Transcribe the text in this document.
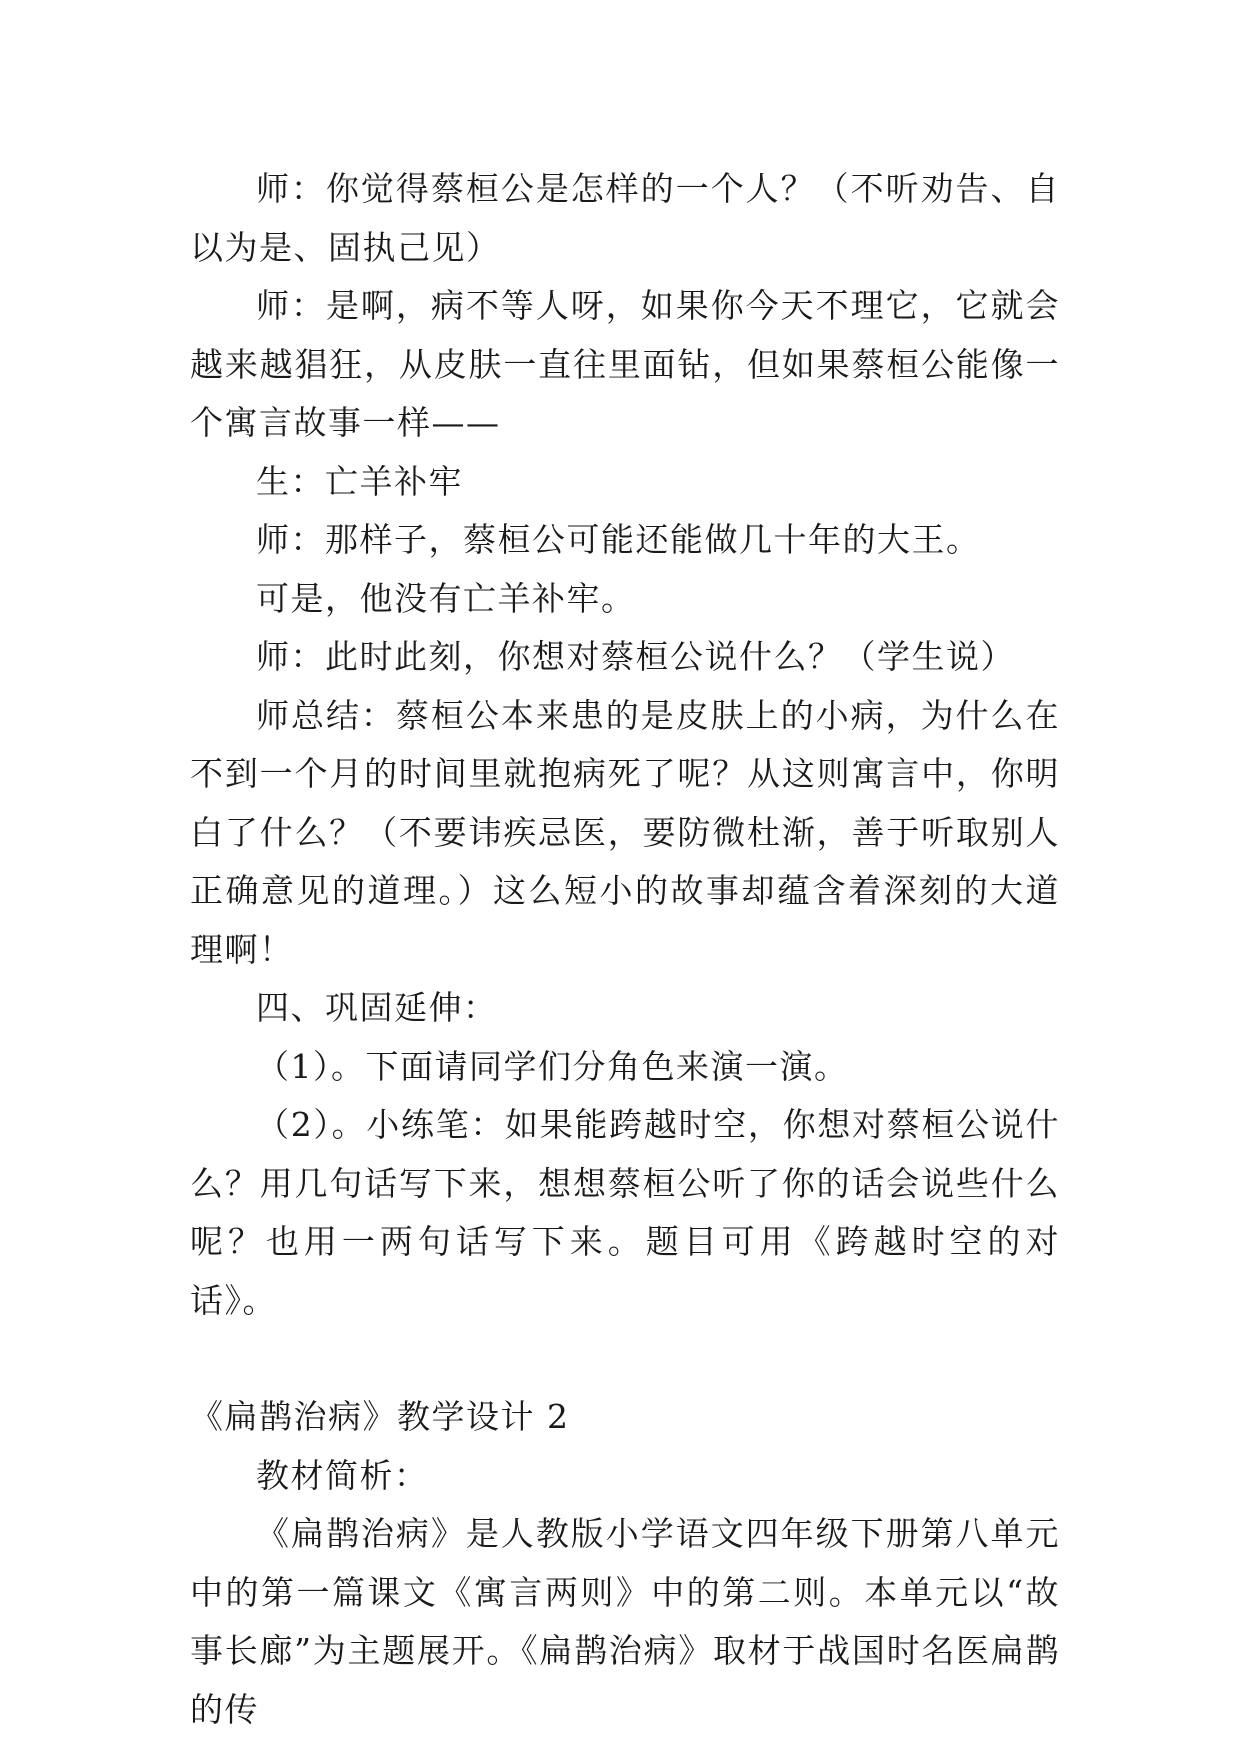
师：你觉得蔡桓公是怎样的一个人？（不听劝告、自以为是、固执己见）

师：是啊，病不等人呀，如果你今天不理它，它就会越来越猖狂，从皮肤一直往里面钻，但如果蔡桓公能像一个寓言故事一样——

生：亡羊补牢

师：那样子，蔡桓公可能还能做几十年的大王。

可是，他没有亡羊补牢。

师：此时此刻，你想对蔡桓公说什么？（学生说）

师总结：蔡桓公本来患的是皮肤上的小病，为什么在不到一个月的时间里就抱病死了呢？从这则寓言中，你明白了什么？（不要讳疾忌医，要防微杜渐，善于听取别人正确意见的道理。）这么短小的故事却蕴含着深刻的大道理啊！

四、巩固延伸：

（1）。下面请同学们分角色来演一演。

（2）。小练笔：如果能跨越时空，你想对蔡桓公说什么？用几句话写下来，想想蔡桓公听了你的话会说些什么呢？也用一两句话写下来。题目可用《跨越时空的对话》。

《扁鹊治病》教学设计 2

教材简析：

《扁鹊治病》是人教版小学语文四年级下册第八单元中的第一篇课文《寓言两则》中的第二则。本单元以“故事长廊”为主题展开。《扁鹊治病》取材于战国时名医扁鹊的传
